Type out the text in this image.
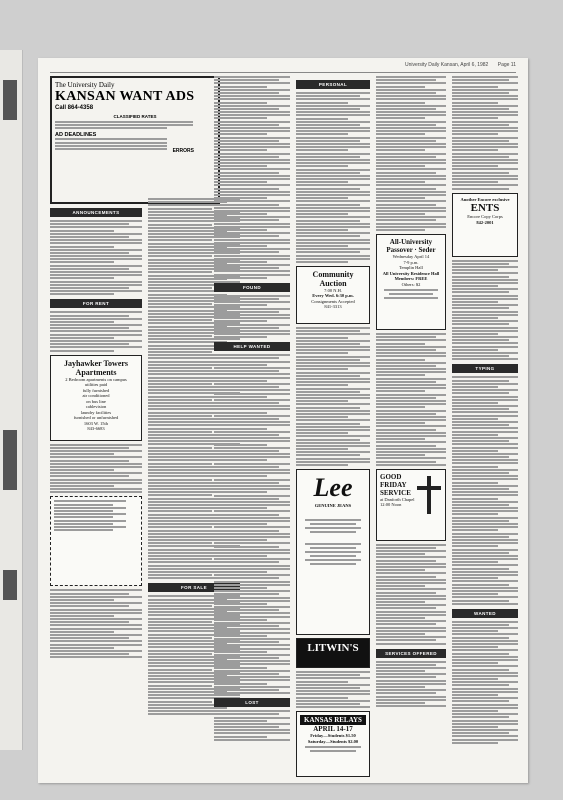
University Daily Kansan, April 6, 1982 Page 11
The University Daily
KANSAN WANT ADS
Call 864-4358
CLASSIFIED RATES
AD DEADLINES
ERRORS
ANNOUNCEMENTS
FOR RENT
Jayhawker Towers Apartments
2 Bedroom apartments on campus
utilities paid
fully furnished
air conditioned
on bus line
cablevision
laundry facilities
furnished or unfurnished
1603 W. 15th
843-6683
FOR SALE
FOUND
HELP WANTED
LOST
PERSONAL
Community Auction
7:00 N.H.
Every Wed. 6:30 p.m.
Consignments Accepted
841-3313
Lee
GENUINE JEANS
LITWIN'S
KANSAS RELAYS
APRIL 14-17
Friday—Students $1.50
Saturday—Students $2.00
All-University Passover · Seder
Wednesday April 14
7-9 p.m.
Templin Hall
All University Residence Hall Members: FREE
Others: $2
GOOD FRIDAY SERVICE
at Danforth Chapel
12:00 Noon
SERVICES OFFERED
Another Encore exclusive
ENTS
Encore Copy Corps
842-2001
TYPING
WANTED
